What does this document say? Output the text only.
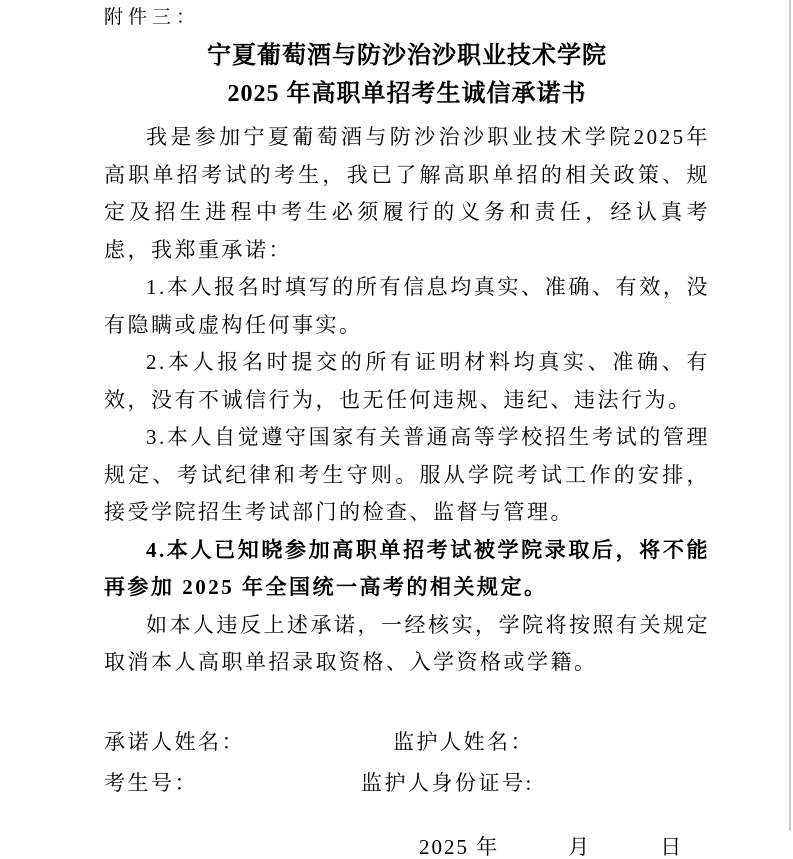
附件三：
宁夏葡萄酒与防沙治沙职业技术学院
2025 年高职单招考生诚信承诺书

我是参加宁夏葡萄酒与防沙治沙职业技术学院2025年高职单招考试的考生，我已了解高职单招的相关政策、规定及招生进程中考生必须履行的义务和责任，经认真考虑，我郑重承诺：

1.本人报名时填写的所有信息均真实、准确、有效，没有隐瞒或虚构任何事实。

2.本人报名时提交的所有证明材料均真实、准确、有效，没有不诚信行为，也无任何违规、违纪、违法行为。

3.本人自觉遵守国家有关普通高等学校招生考试的管理规定、考试纪律和考生守则。服从学院考试工作的安排，接受学院招生考试部门的检查、监督与管理。

4.本人已知晓参加高职单招考试被学院录取后，将不能再参加 2025 年全国统一高考的相关规定。

如本人违反上述承诺，一经核实，学院将按照有关规定取消本人高职单招录取资格、入学资格或学籍。

承诺人姓名：	监护人姓名：
考生号：	监护人身份证号:
2025 年　　　月　　　日
